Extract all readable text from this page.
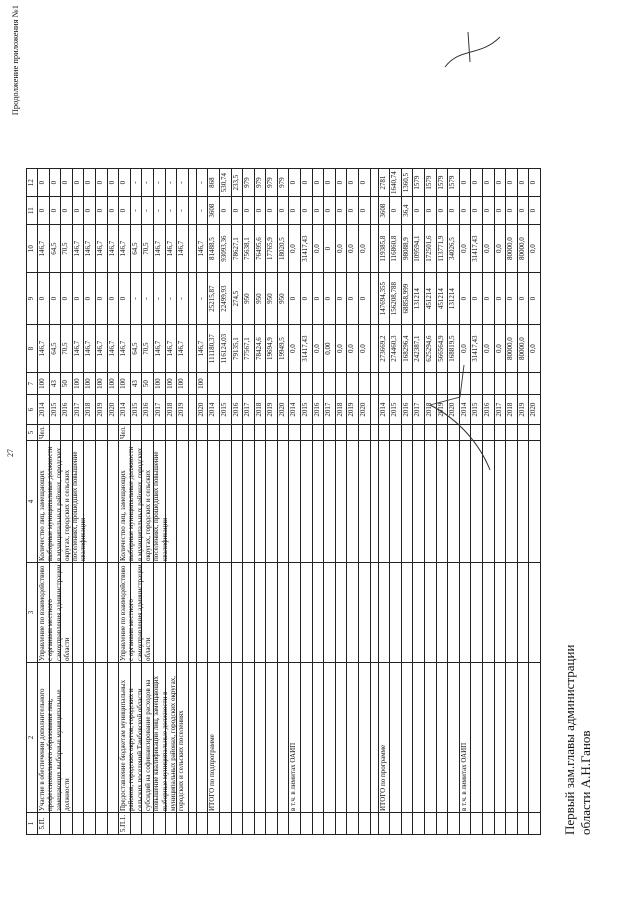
27
Продолжение приложения №1
1	2	3	4	5	6	7	8	9	10	11	12
5.П.	Участие в обеспечении дополнительного профессионального образования лиц, замещающих выборные муниципальные должности	Управление по взаимодействию с органами местного самоуправления администрации области	Количество лиц, замещающих выборные муниципальные должности в муниципальных районах, городских округах, городских и сельских поселениях, прошедших повышение квалификации	Чел.	2014	100	146,7	0	146,7	0	0
					2015	43	64,5	0	64,5	0	0
					2016	50	70,5	0	70,5	0	0
					2017	100	146,7	0	146,7	0	0
					2018	100	146,7	0	146,7	0	0
					2019	100	146,7	0	146,7	0	0
					2020	100	146,7	0	146,7	0	0
5.П.1.	Предоставление бюджетам муниципальных районов, городских округов, городских и сельских поселений Тамбовской области субсидий на софинансирование расходов на повышение квалификации лиц, замещающих выборные муниципальные должности в муниципальных районах, городских округах, городских и сельских поселениях	Управление по взаимодействию с органами местного самоуправления администрации области	Количество лиц, замещающих выборные муниципальные должности в муниципальных районах, городских округах, городских и сельских поселениях, прошедших повышение квалификации	Чел.	2014	100	146,7	0	146,7	0	0
					2015	43	64,5	-	64,5	-	-
					2016	50	70,5	-	70,5	-	-
					2017	100	146,7	-	146,7	-	-
					2018	100	146,7	-	146,7	-	-
					2019	100	146,7	-	146,7	-	-

					2020	100	146,7	-	146,7	-	-

	ИТОГО по подпрограмме				2014		111180,37	25215,87	81488,5	3608	868
					2015		116124,03	22499,93	93093,36	0	530,74
					2016		79135,1	274,5	78627,1	0	233,5
					2017		77567,1	950	75638,1	0	979
					2018		78424,6	950	76495,6	0	979
					2019		19694,9	950	17765,9	0	979
					2020		19949,5	950	18020,5	0	979

	в т.ч. в лимитах ОАИП				2014		0,0	0	0,0	0	0
					2015		31417,43	0	31417,43	0	0
					2016		0,0	0	0,0	0	0
					2017		0,00	0	0	0	0
					2018		0,0	0	0,0	0	0
					2019		0,0	0	0,0	0	0
					2020		0,0	0	0,0	0	0

	ИТОГО по программе				2014		273669,2	147694,355	119385,8	3608	2781
					2015		274460,3	156208,788	116860,8	0	1640,74
					2016		168296,4	68858,999	98088,9	36,4	1360,5
					2017		242387,1	131214	109594,1	0	1579
					2018		625294,6	451214	172501,6	0	1579
					2019		566564,9	451214	113771,9	0	1579
					2020		168819,5	131214	34026,5	0	1579

	в т.ч. в лимитах ОАИП				2014		0,0	0	0,0	0	0
					2015		31417,43	0	31417,43	0	0
					2016		0,0	0	0,0	0	0
					2017		0,0	0	0,0	0	0
					2018		80000,0	0	80000,0	0	0
					2019		80000,0	0	80000,0	0	0
					2020		0,0	0	0,0	0	0
Первый зам.главы администрации области А.Н.Ганов
